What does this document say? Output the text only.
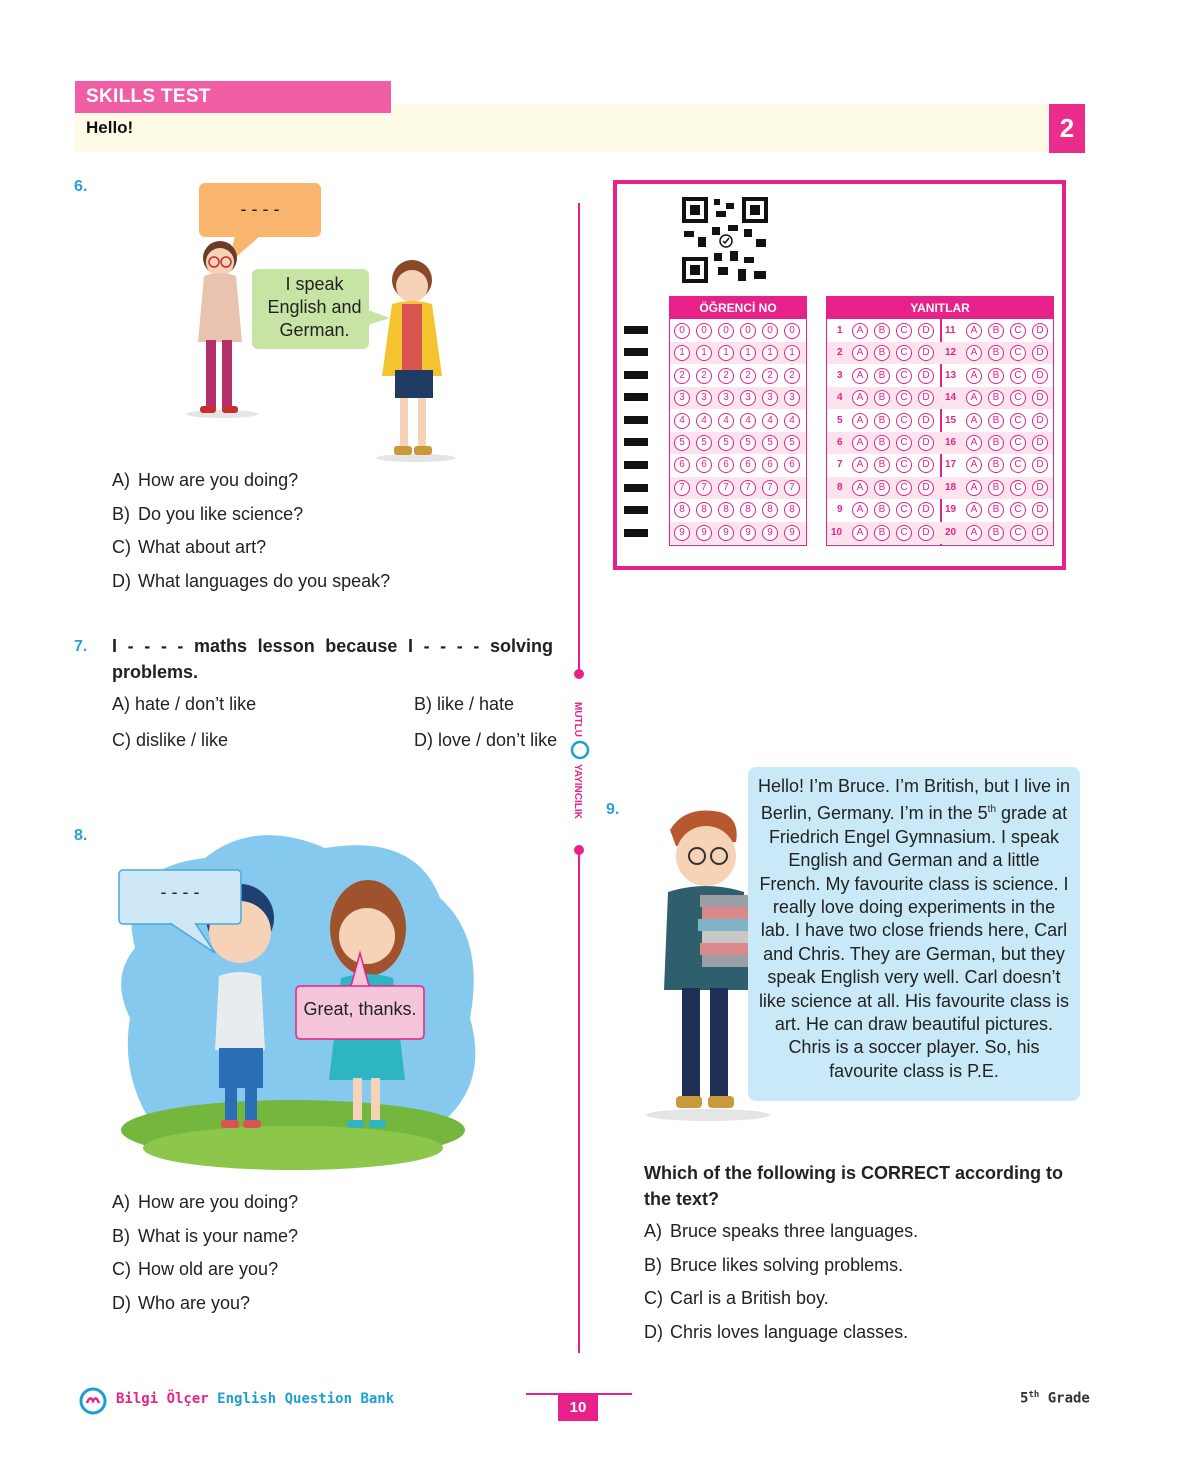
SKILLS TEST
Hello!	2
MUTLU
YAYINCILIK
6.
- - - -
I speak English and German.
A) How are you doing?
B) Do you like science?
C) What about art?
D) What languages do you speak?
7. I - - - - maths lesson because I - - - - solving problems.
A) hate / don’t like	B) like / hate
C) dislike / like	D) love / don’t like
8.
- - - -
Great, thanks.
A) How are you doing?
B) What is your name?
C) How old are you?
D) Who are you?
ÖĞRENCİ NO
0	0	0	0	0	0
1	1	1	1	1	1
2	2	2	2	2	2
3	3	3	3	3	3
4	4	4	4	4	4
5	5	5	5	5	5
6	6	6	6	6	6
7	7	7	7	7	7
8	8	8	8	8	8
9	9	9	9	9	9
YANITLAR
1	A	B	C	D
2	A	B	C	D
3	A	B	C	D
4	A	B	C	D
5	A	B	C	D
6	A	B	C	D
7	A	B	C	D
8	A	B	C	D
9	A	B	C	D
10	A	B	C	D
11	A	B	C	D
12	A	B	C	D
13	A	B	C	D
14	A	B	C	D
15	A	B	C	D
16	A	B	C	D
17	A	B	C	D
18	A	B	C	D
19	A	B	C	D
20	A	B	C	D
9.
Hello! I’m Bruce. I’m British, but I live in Berlin, Germany. I’m in the 5th grade at Friedrich Engel Gymnasium. I speak English and German and a little French. My favourite class is science. I really love doing experiments in the lab. I have two close friends here, Carl and Chris. They are German, but they speak English very well. Carl doesn’t like science at all. His favourite class is art. He can draw beautiful pictures. Chris is a soccer player. So, his favourite class is P.E.
Which of the following is CORRECT according to the text?
A) Bruce speaks three languages.
B) Bruce likes solving problems.
C) Carl is a British boy.
D) Chris loves language classes.
Bilgi Ölçer English Question Bank	10
5th Grade
